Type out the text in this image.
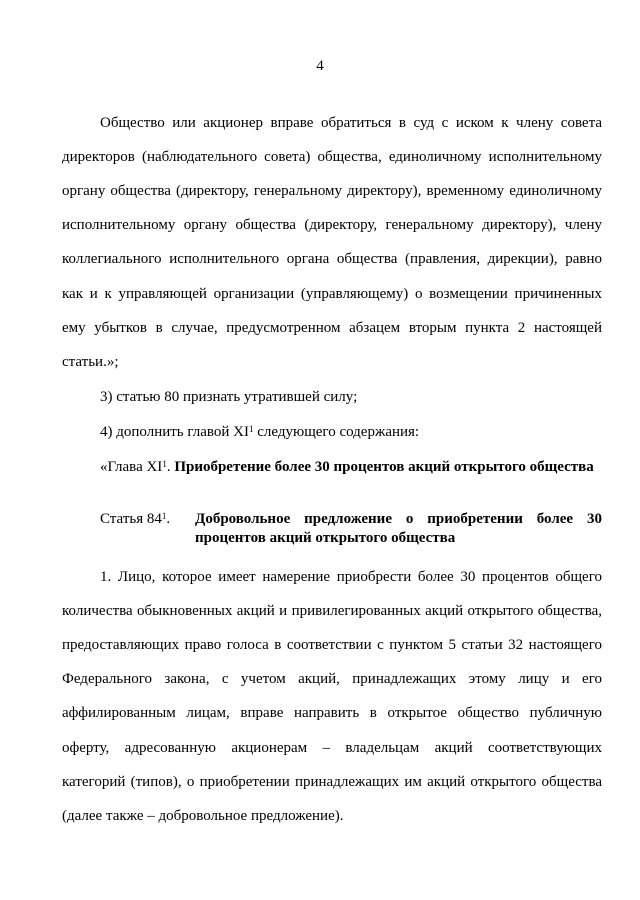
4
Общество или акционер вправе обратиться в суд с иском к члену совета
директоров (наблюдательного совета) общества, единоличному исполнительному
органу общества (директору, генеральному директору), временному единоличному
исполнительному органу общества (директору, генеральному директору), члену
коллегиального исполнительного органа общества (правления, дирекции), равно
как и к управляющей организации (управляющему) о возмещении причиненных
ему убытков в случае, предусмотренном абзацем вторым пункта 2 настоящей
статьи.»;
3) статью 80 признать утратившей силу;
4) дополнить главой $XI^1$ следующего содержания:
«Глава $XI^1$. Приобретение более 30 процентов акций открытого общества
Статья $84^1$. Добровольное предложение о приобретении более 30
процентов акций открытого общества
1. Лицо, которое имеет намерение приобрести более 30 процентов общего
количества обыкновенных акций и привилегированных акций открытого общества,
предоставляющих право голоса в соответствии с пунктом 5 статьи 32 настоящего
Федерального закона, с учетом акций, принадлежащих этому лицу и его
аффилированным лицам, вправе направить в открытое общество публичную
оферту, адресованную акционерам – владельцам акций соответствующих
категорий (типов), о приобретении принадлежащих им акций открытого общества
(далее также – добровольное предложение).
